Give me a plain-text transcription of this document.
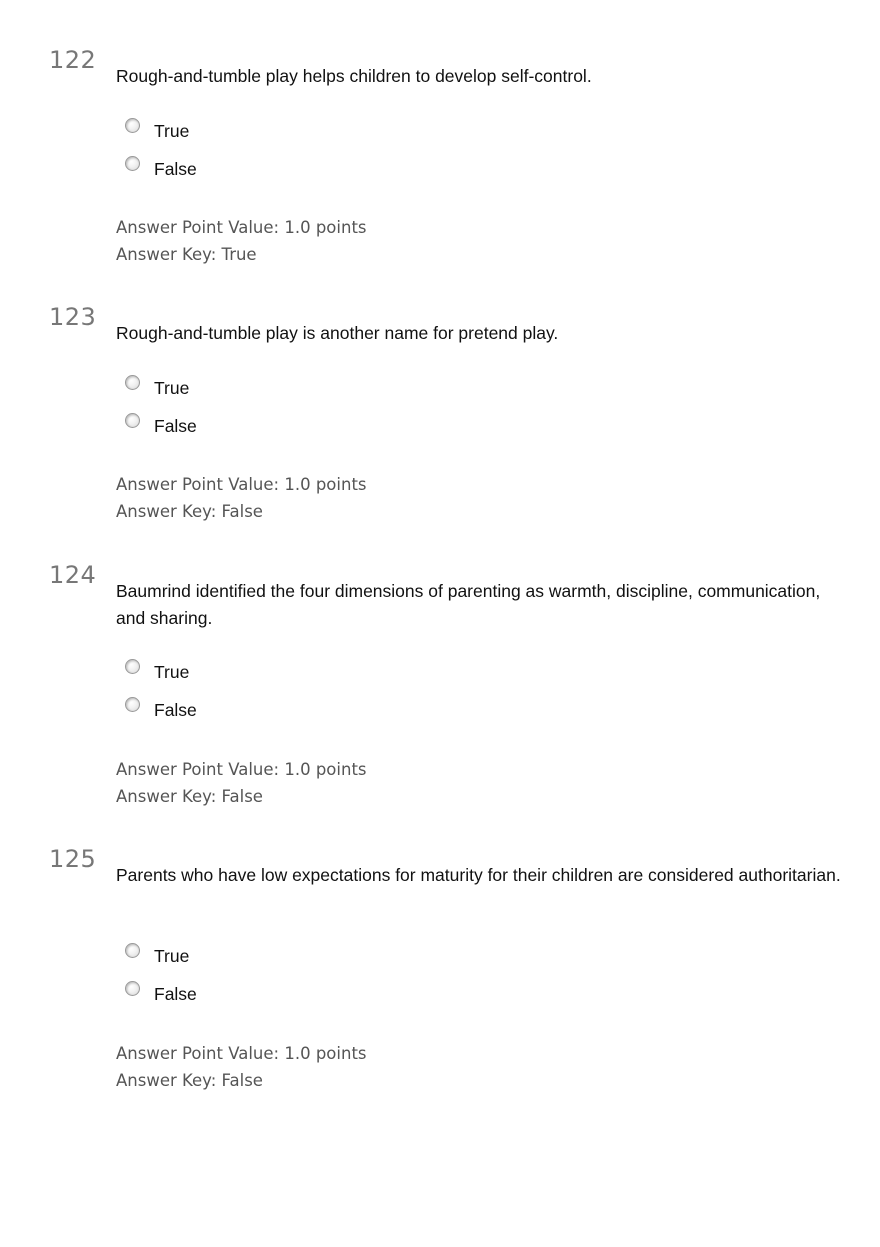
122
Rough-and-tumble play helps children to develop self-control.
True
False
Answer Point Value: 1.0 points
Answer Key: True
123
Rough-and-tumble play is another name for pretend play.
True
False
Answer Point Value: 1.0 points
Answer Key: False
124
Baumrind identified the four dimensions of parenting as warmth, discipline, communication, and sharing.
True
False
Answer Point Value: 1.0 points
Answer Key: False
125
Parents who have low expectations for maturity for their children are considered authoritarian.
True
False
Answer Point Value: 1.0 points
Answer Key: False
